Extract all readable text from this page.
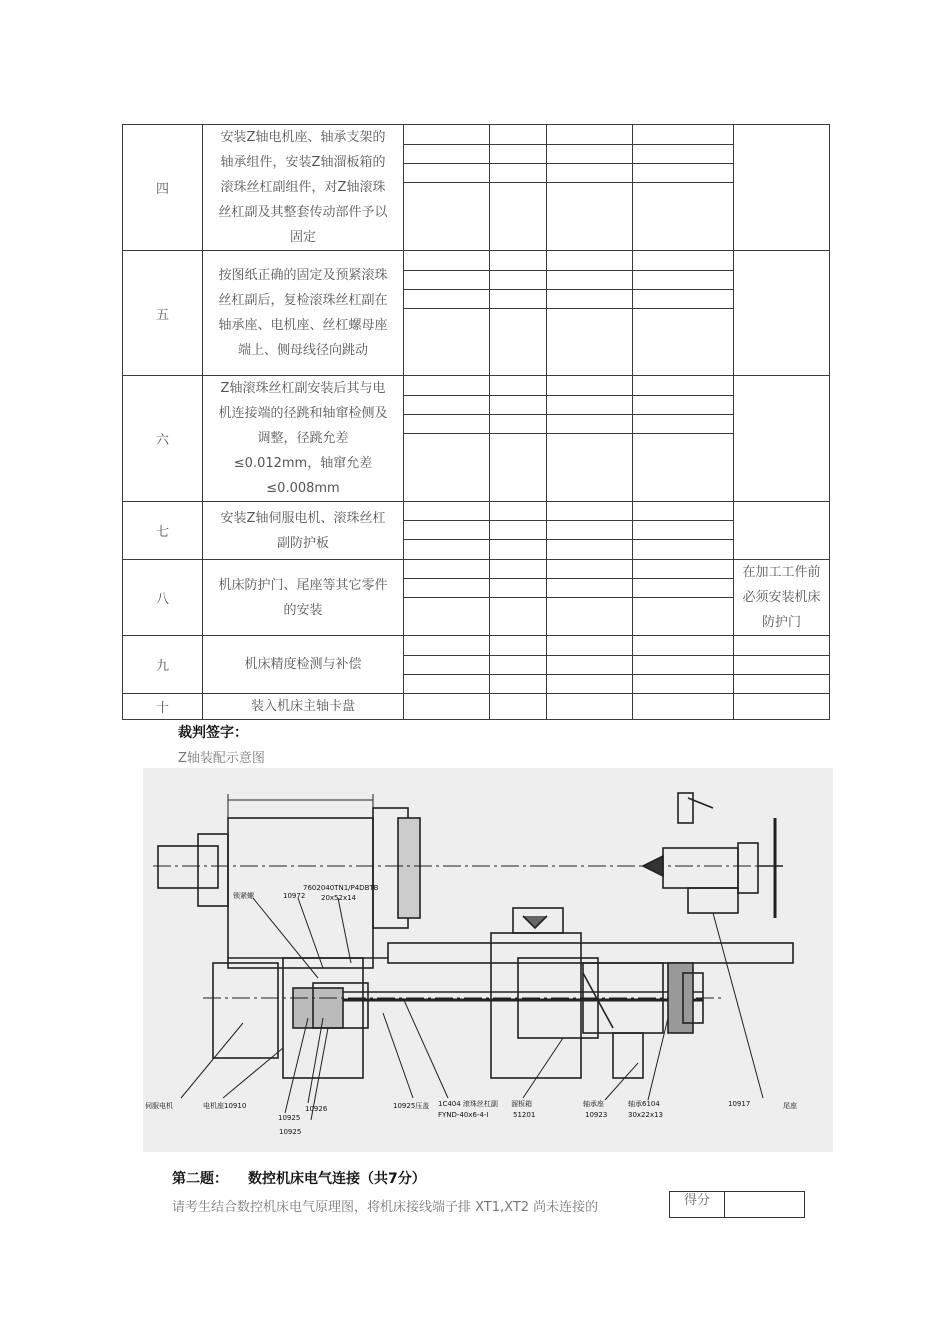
四	安装Z轴电机座、轴承支架的轴承组件，安装Z轴溜板箱的滚珠丝杠副组件，对Z轴滚珠丝杠副及其整套传动部件予以固定					

五	按图纸正确的固定及预紧滚珠丝杠副后，复检滚珠丝杠副在轴承座、电机座、丝杠螺母座端上、侧母线径向跳动					

六	Z轴滚珠丝杠副安装后其与电机连接端的径跳和轴窜检侧及调整，径跳允差≤0.012mm，轴窜允差≤0.008mm					

七	安装Z轴伺服电机、滚珠丝杠副防护板					

八	机床防护门、尾座等其它零件的安装					在加工工件前必须安装机床防护门

九	机床精度检测与补偿					

十	装入机床主轴卡盘					
裁判签字：
Z轴装配示意图
伺服电机	电机座10910
10925
10926
10925
锁紧螺	10972
7602040TN1/P4DBTB
20x52x14
10925压盖 1C404 滚珠丝杠副
FYND-40x6-4-I
溜板箱
51201
轴承座
10923
轴承6104
30x22x13
10917	尾座
第二题： 数控机床电气连接（共7分）
请考生结合数控机床电气原理图，将机床接线端子排 XT1,XT2 尚未连接的	得分
